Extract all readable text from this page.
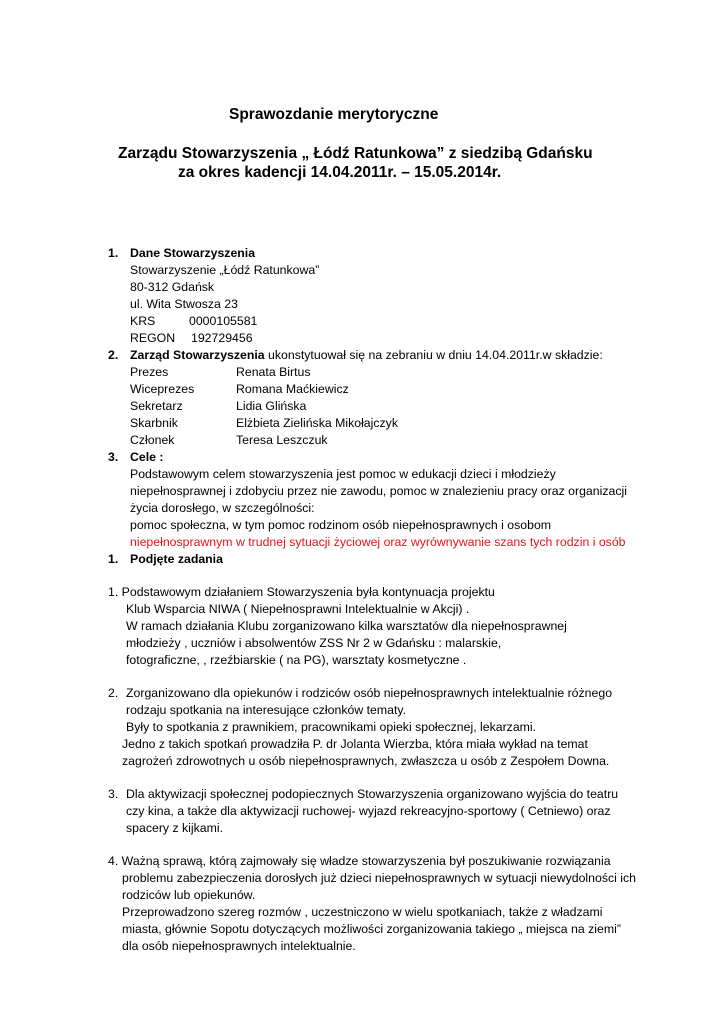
Sprawozdanie merytoryczne
Zarządu Stowarzyszenia „ Łódź Ratunkowa” z siedzibą Gdańsku
za okres kadencji 14.04.2011r. – 15.05.2014r.
1. Dane Stowarzyszenia
Stowarzyszenie „Łódź Ratunkowa”
80-312 Gdańsk
ul. Wita Stwosza 23
KRS	0000105581
REGON 192729456
2. Zarząd Stowarzyszenia ukonstytuował się na zebraniu w dniu 14.04.2011r.w składzie:
Prezes	Renata Birtus
Wiceprezes	Romana Maćkiewicz
Sekretarz	Lidia Glińska
Skarbnik	Elżbieta Zielińska Mikołajczyk
Członek	Teresa Leszczuk
3. Cele :
Podstawowym celem stowarzyszenia jest pomoc w edukacji dzieci i młodzieży
niepełnosprawnej i zdobyciu przez nie zawodu, pomoc w znalezieniu pracy oraz organizacji
życia dorosłego, w szczególności:
pomoc społeczna, w tym pomoc rodzinom osób niepełnosprawnych i osobom
niepełnosprawnym w trudnej sytuacji życiowej oraz wyrównywanie szans tych rodzin i osób
1. Podjęte zadania
1. Podstawowym działaniem Stowarzyszenia była kontynuacja projektu
Klub Wsparcia NIWA ( Niepełnosprawni Intelektualnie w Akcji) .
W ramach działania Klubu zorganizowano kilka warsztatów dla niepełnosprawnej
młodzieży , uczniów i absolwentów ZSS Nr 2 w Gdańsku : malarskie,
fotograficzne, , rzeźbiarskie ( na PG), warsztaty kosmetyczne .
2. Zorganizowano dla opiekunów i rodziców osób niepełnosprawnych intelektualnie różnego
rodzaju spotkania na interesujące członków tematy.
Były to spotkania z prawnikiem, pracownikami opieki społecznej, lekarzami.
Jedno z takich spotkań prowadziła P. dr Jolanta Wierzba, która miała wykład na temat
zagrożeń zdrowotnych u osób niepełnosprawnych, zwłaszcza u osób z Zespołem Downa.
3. Dla aktywizacji społecznej podopiecznych Stowarzyszenia organizowano wyjścia do teatru
czy kina, a także dla aktywizacji ruchowej- wyjazd rekreacyjno-sportowy ( Cetniewo) oraz
spacery z kijkami.
4. Ważną sprawą, którą zajmowały się władze stowarzyszenia był poszukiwanie rozwiązania
problemu zabezpieczenia dorosłych już dzieci niepełnosprawnych w sytuacji niewydolności ich
rodziców lub opiekunów.
Przeprowadzono szereg rozmów , uczestniczono w wielu spotkaniach, także z władzami
miasta, głównie Sopotu dotyczących możliwości zorganizowania takiego „ miejsca na ziemi”
dla osób niepełnosprawnych intelektualnie.
